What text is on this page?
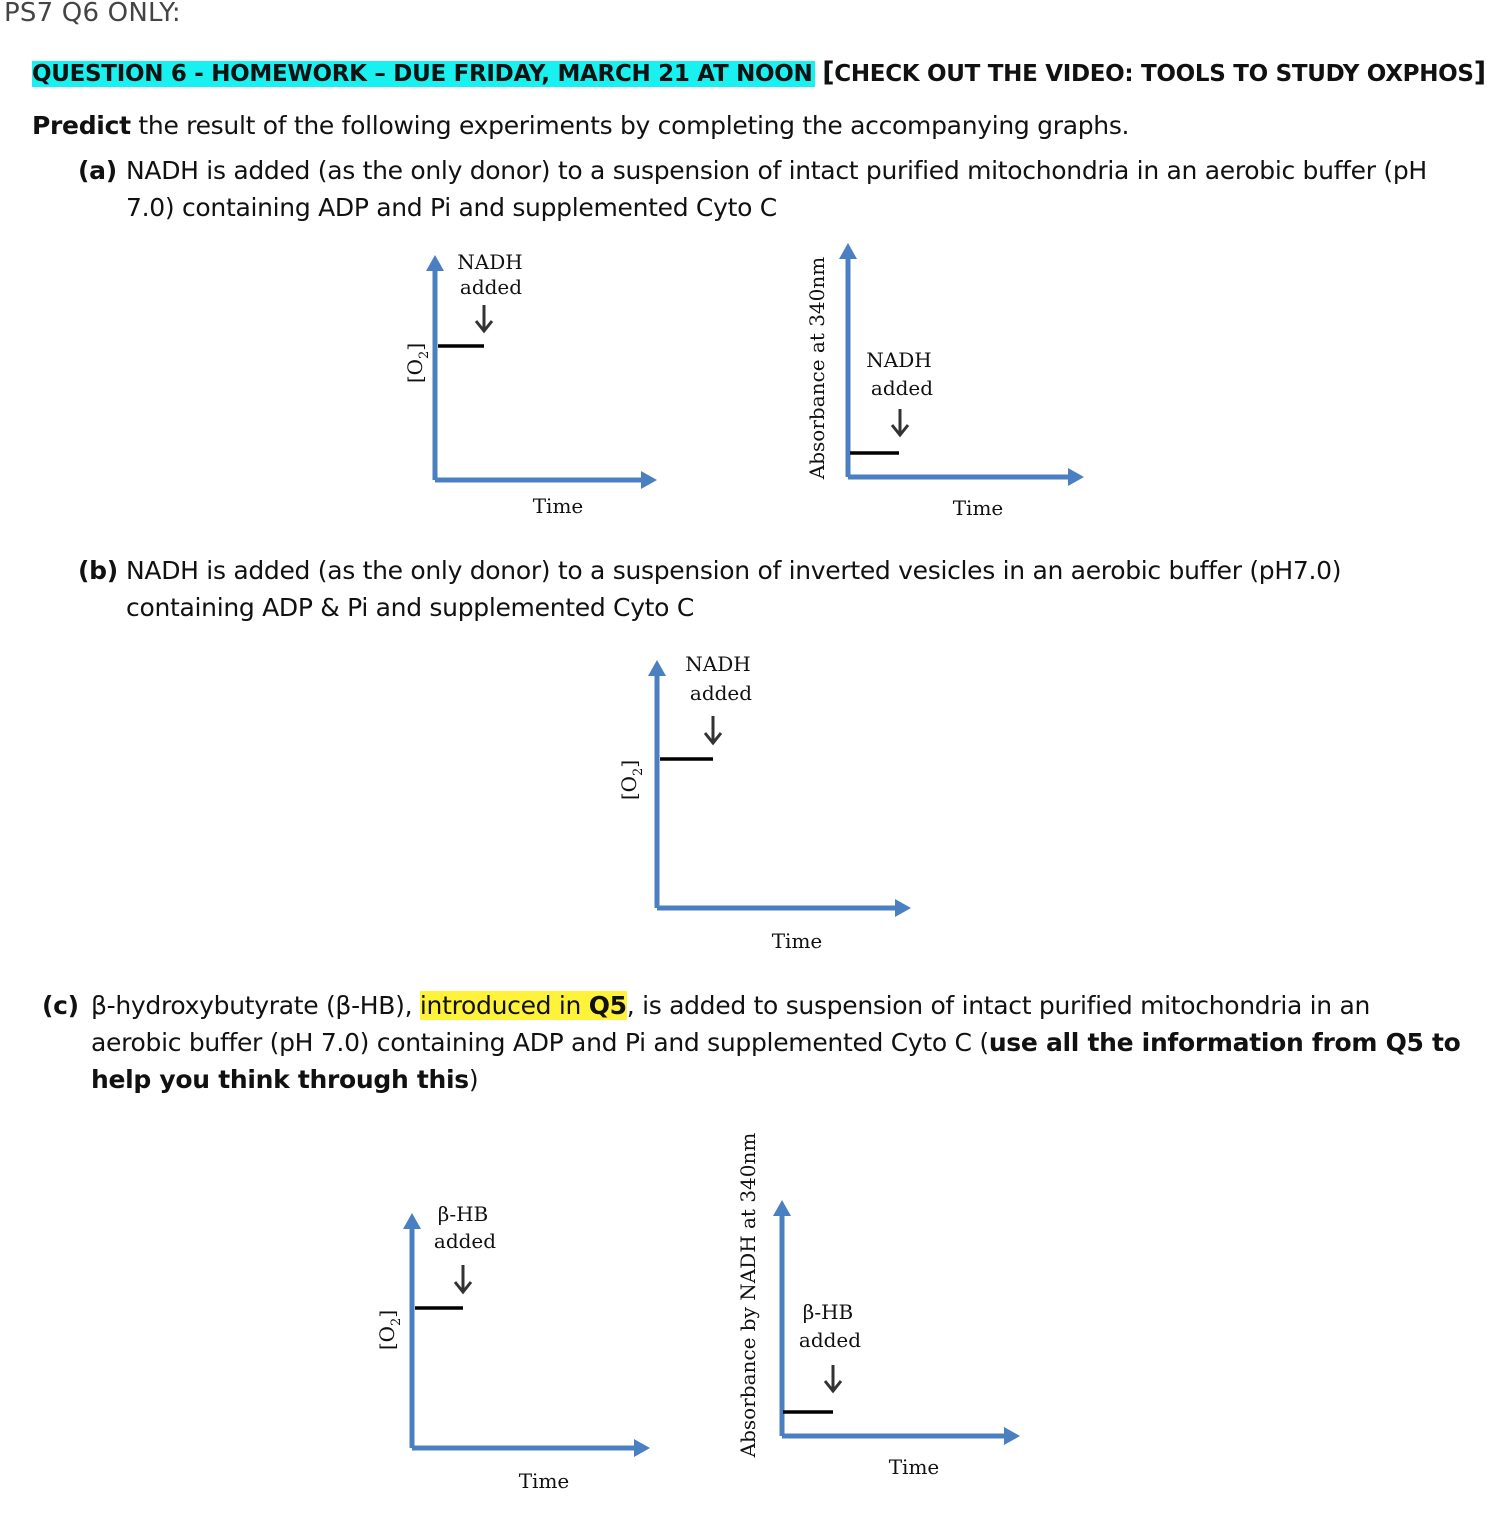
PS7 Q6 ONLY:
QUESTION 6 - HOMEWORK – DUE FRIDAY, MARCH 21 AT NOON [CHECK OUT THE VIDEO: TOOLS TO STUDY OXPHOS]
Predict the result of the following experiments by completing the accompanying graphs.
(a) NADH is added (as the only donor) to a suspension of intact purified mitochondria in an aerobic buffer (pH
7.0) containing ADP and Pi and supplemented Cyto C
$[O_2]$
NADH
added
Time
Absorbance at 340nm NADH
added
Time
(b) NADH is added (as the only donor) to a suspension of inverted vesicles in an aerobic buffer (pH7.0)
containing ADP & Pi and supplemented Cyto C
$[O_2]$
NADH
added
Time
(c) β-hydroxybutyrate (β-HB), introduced in Q5, is added to suspension of intact purified mitochondria in an
aerobic buffer (pH 7.0) containing ADP and Pi and supplemented Cyto C (use all the information from Q5 to
help you think through this)
$[O_2]$
β-HB
added
Time
Absorbance by NADH at 340nm β-HB
added
Time
